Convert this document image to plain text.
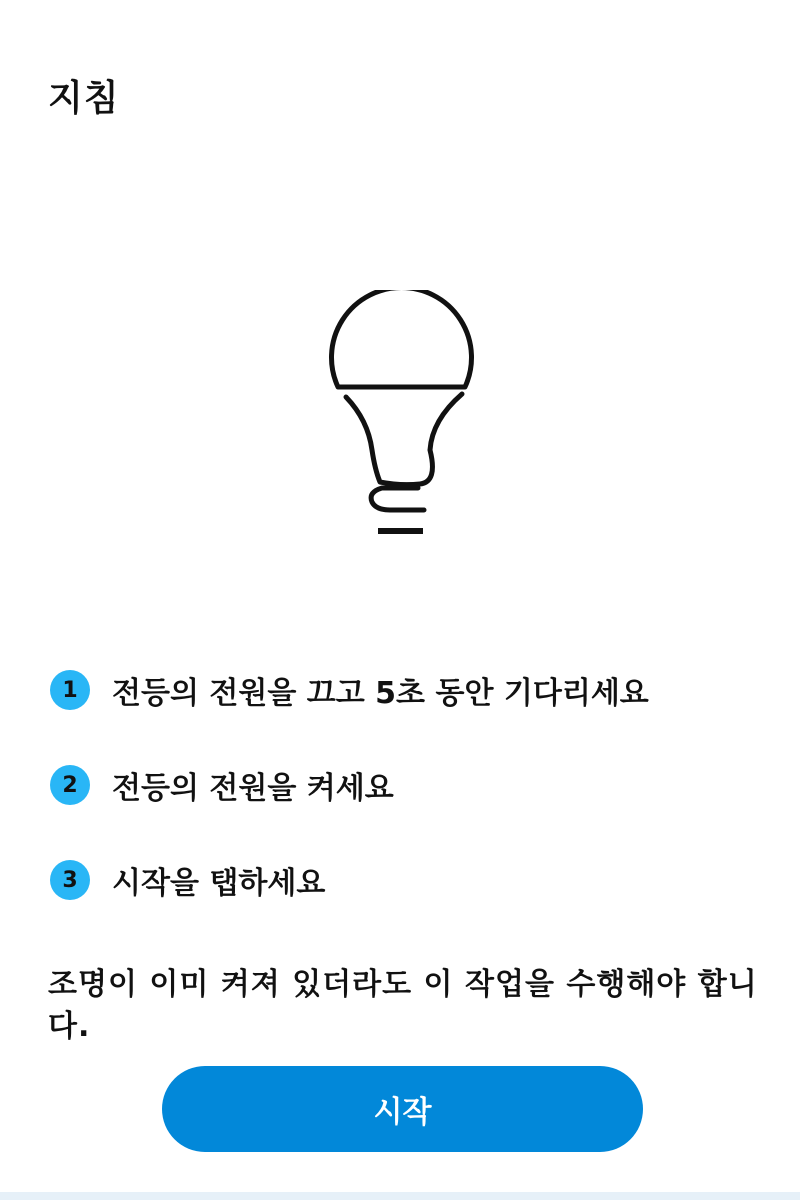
지침
1	전등의 전원을 끄고 5초 동안 기다리세요
2	전등의 전원을 켜세요
3	시작을 탭하세요
조명이 이미 켜져 있더라도 이 작업을 수행해야 합니다.
시작
